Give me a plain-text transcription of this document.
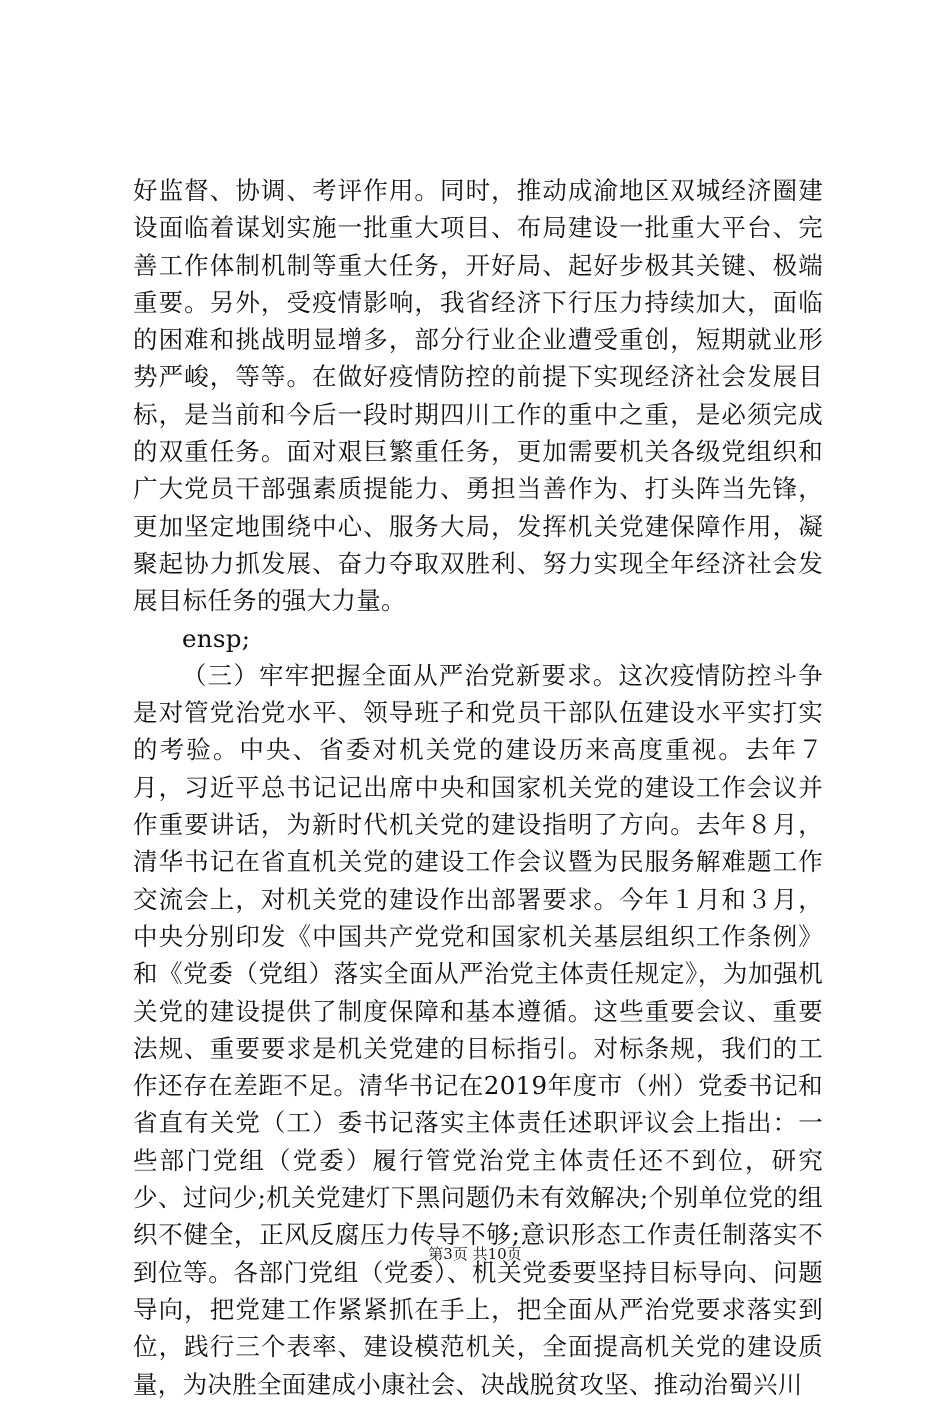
好监督、协调、考评作用。同时，推动成渝地区双城经济圈建设面临着谋划实施一批重大项目、布局建设一批重大平台、完善工作体制机制等重大任务，开好局、起好步极其关键、极端重要。另外，受疫情影响，我省经济下行压力持续加大，面临的困难和挑战明显增多，部分行业企业遭受重创，短期就业形势严峻，等等。在做好疫情防控的前提下实现经济社会发展目标，是当前和今后一段时期四川工作的重中之重，是必须完成的双重任务。面对艰巨繁重任务，更加需要机关各级党组织和广大党员干部强素质提能力、勇担当善作为、打头阵当先锋，更加坚定地围绕中心、服务大局，发挥机关党建保障作用，凝聚起协力抓发展、奋力夺取双胜利、努力实现全年经济社会发展目标任务的强大力量。

ensp;

（三）牢牢把握全面从严治党新要求。这次疫情防控斗争是对管党治党水平、领导班子和党员干部队伍建设水平实打实的考验。中央、省委对机关党的建设历来高度重视。去年７月，习近平总书记记出席中央和国家机关党的建设工作会议并作重要讲话，为新时代机关党的建设指明了方向。去年８月，清华书记在省直机关党的建设工作会议暨为民服务解难题工作交流会上，对机关党的建设作出部署要求。今年１月和３月，中央分别印发《中国共产党党和国家机关基层组织工作条例》和《党委（党组）落实全面从严治党主体责任规定》，为加强机关党的建设提供了制度保障和基本遵循。这些重要会议、重要法规、重要要求是机关党建的目标指引。对标条规，我们的工作还存在差距不足。清华书记在2019年度市（州）党委书记和省直有关党（工）委书记落实主体责任述职评议会上指出：一些部门党组（党委）履行管党治党主体责任还不到位，研究少、过问少;机关党建灯下黑问题仍未有效解决;个别单位党的组织不健全，正风反腐压力传导不够;意识形态工作责任制落实不到位等。各部门党组（党委）、机关党委要坚持目标导向、问题导向，把党建工作紧紧抓在手上，把全面从严治党要求落实到位，践行三个表率、建设模范机关，全面提高机关党的建设质量，为决胜全面建成小康社会、决战脱贫攻坚、推动治蜀兴川

第3页 共10页
